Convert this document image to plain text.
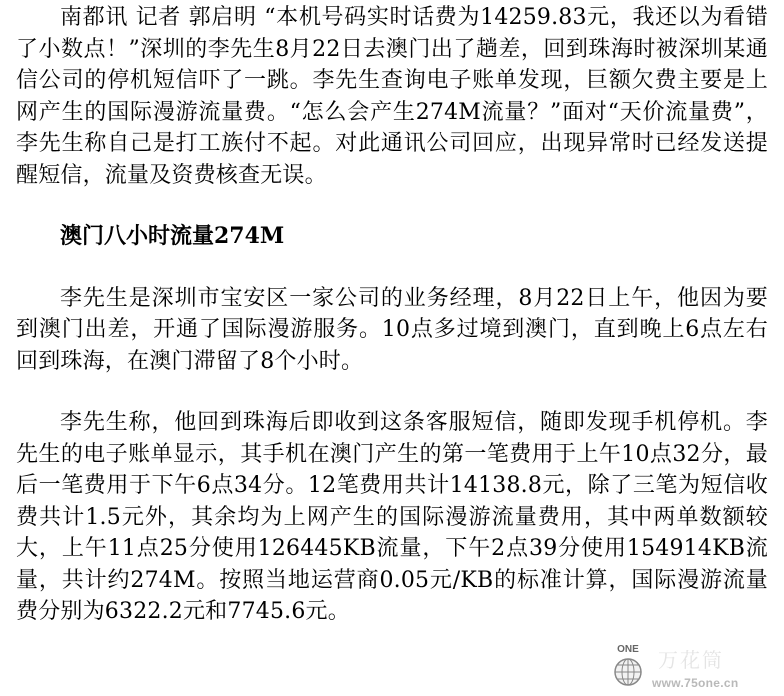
南都讯 记者 郭启明 “本机号码实时话费为14259.83元，我还以为看错了小数点！”深圳的李先生8月22日去澳门出了趟差，回到珠海时被深圳某通信公司的停机短信吓了一跳。李先生查询电子账单发现，巨额欠费主要是上网产生的国际漫游流量费。“怎么会产生274M流量？”面对“天价流量费”，李先生称自己是打工族付不起。对此通讯公司回应，出现异常时已经发送提醒短信，流量及资费核查无误。

澳门八小时流量274M

李先生是深圳市宝安区一家公司的业务经理，8月22日上午，他因为要到澳门出差，开通了国际漫游服务。10点多过境到澳门，直到晚上6点左右回到珠海，在澳门滞留了8个小时。

李先生称，他回到珠海后即收到这条客服短信，随即发现手机停机。李先生的电子账单显示，其手机在澳门产生的第一笔费用于上午10点32分，最后一笔费用于下午6点34分。12笔费用共计14138.8元，除了三笔为短信收费共计1.5元外，其余均为上网产生的国际漫游流量费用，其中两单数额较大，上午11点25分使用126445KB流量，下午2点39分使用154914KB流量，共计约274M。按照当地运营商0.05元/KB的标准计算，国际漫游流量费分别为6322.2元和7745.6元。

ONE 万花筒
www.75one.cn
